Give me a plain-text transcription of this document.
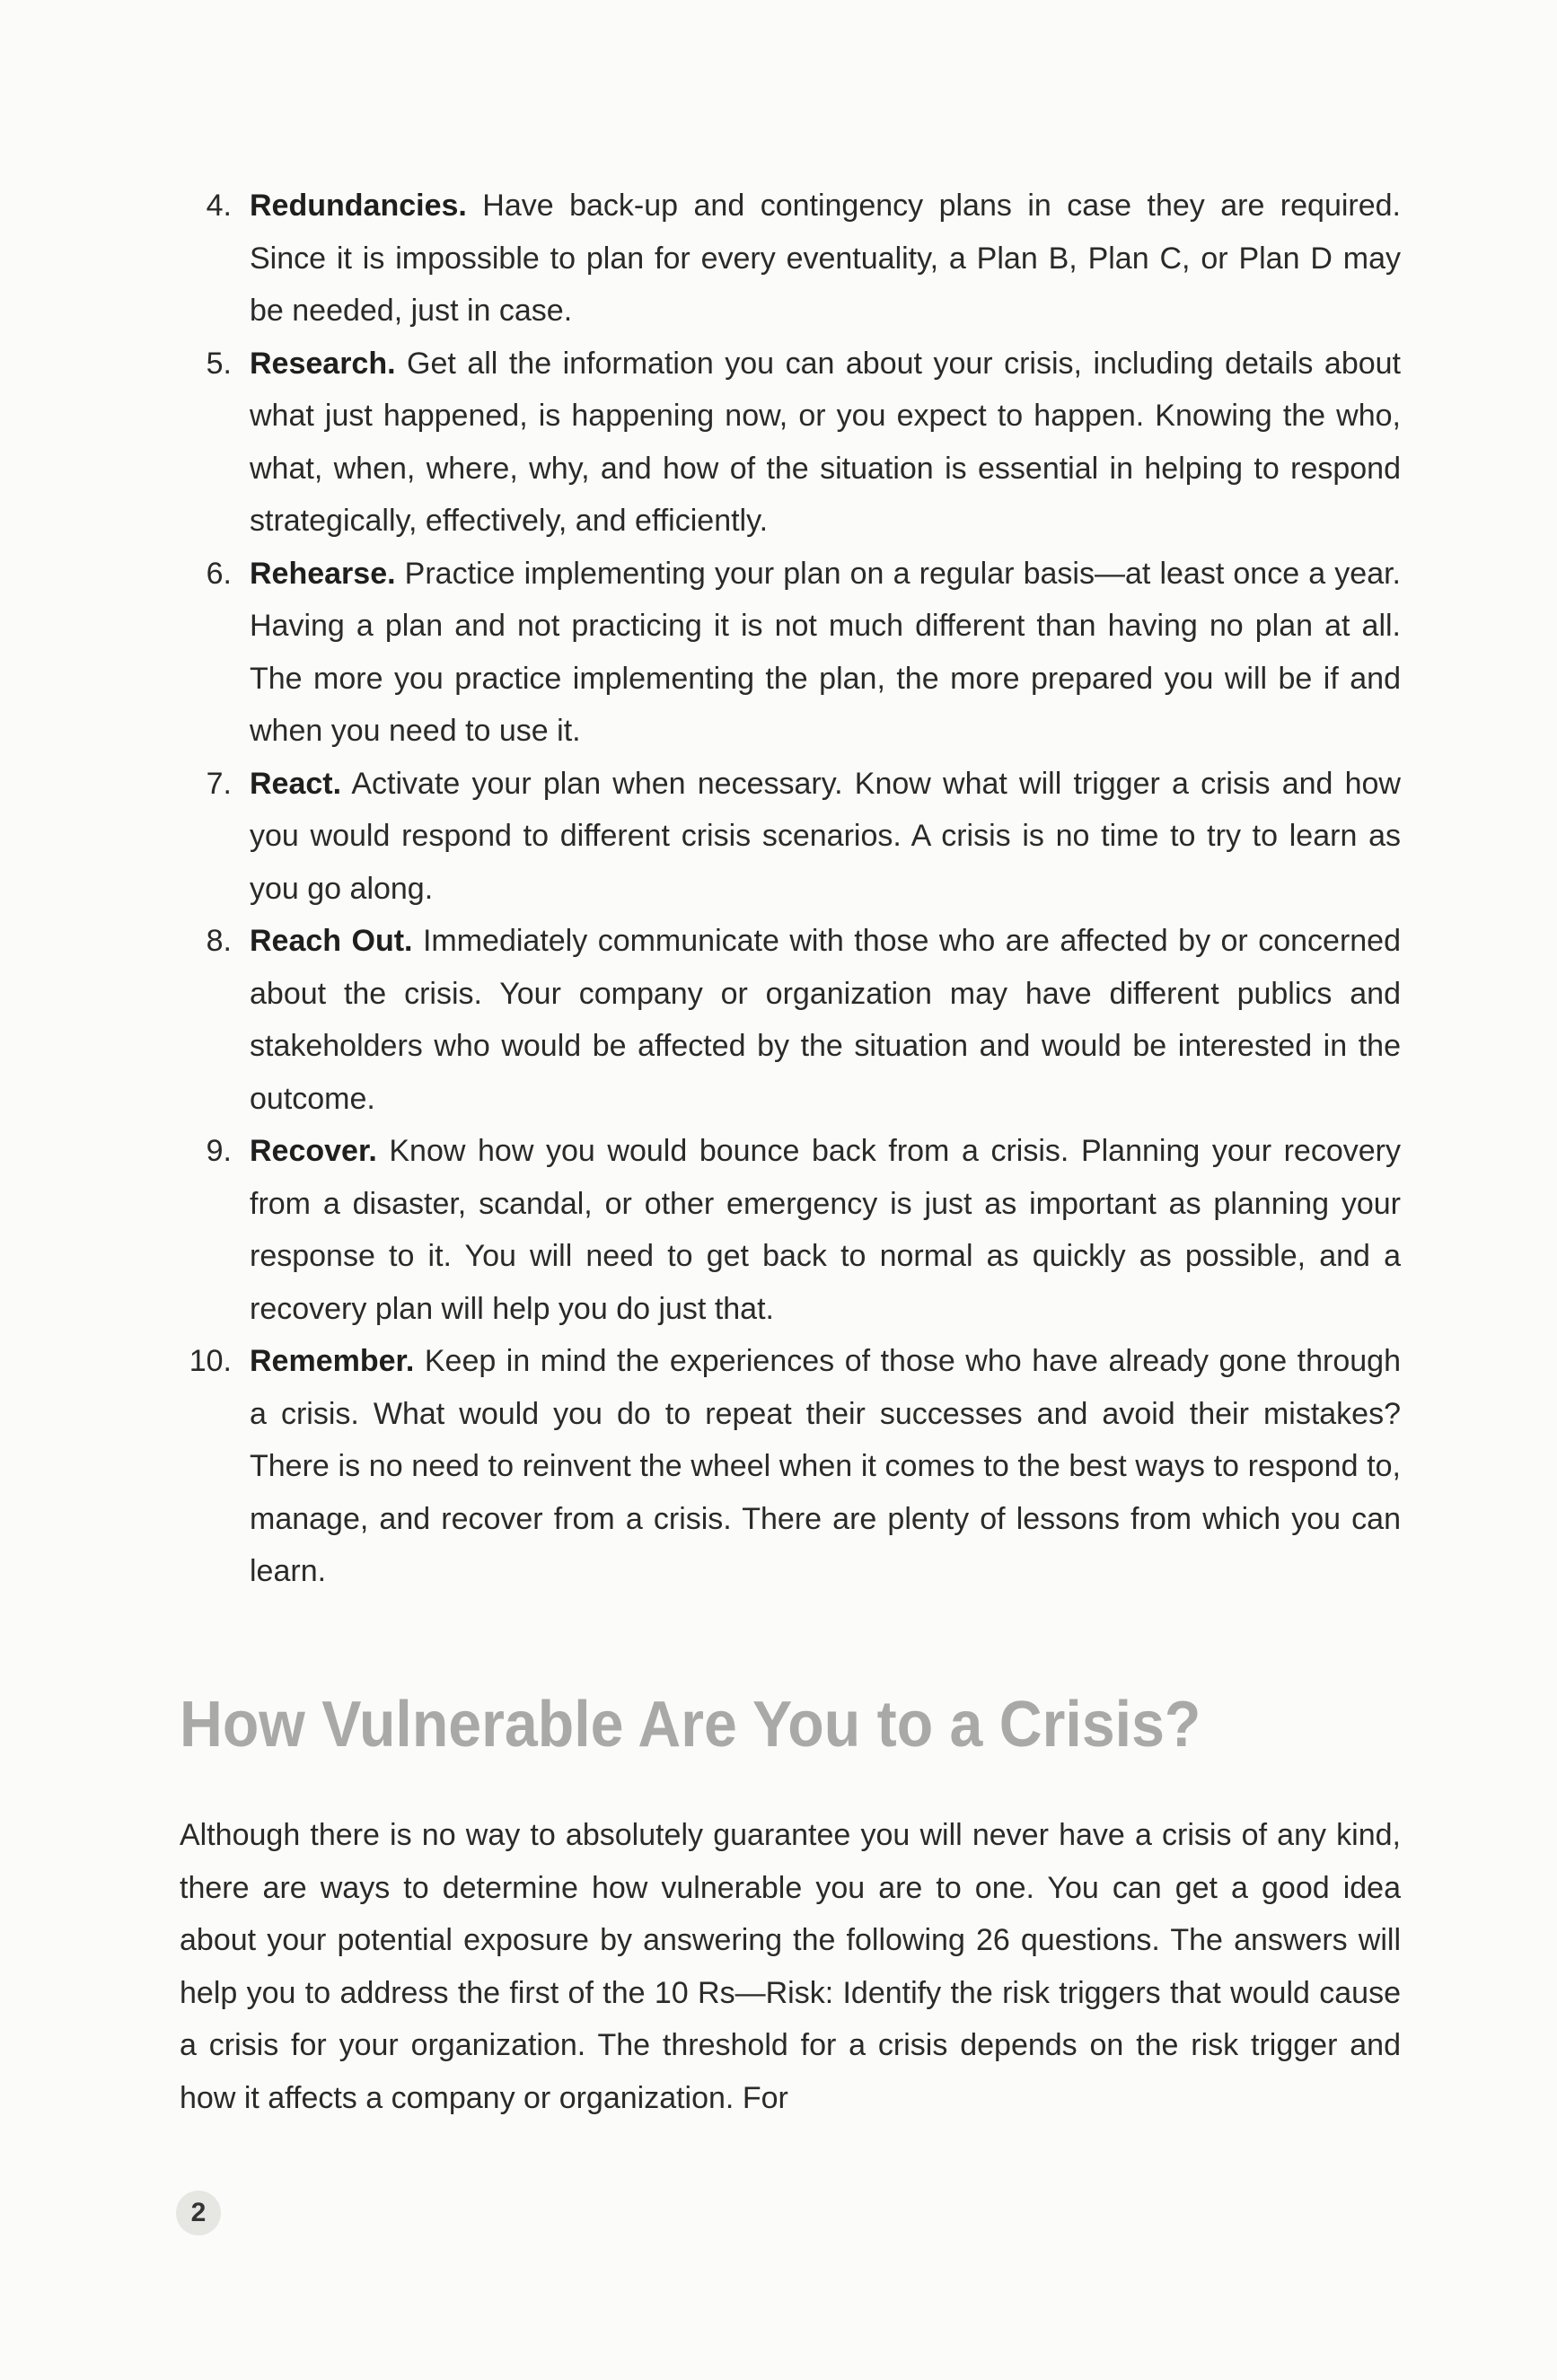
4. Redundancies. Have back-up and contingency plans in case they are required. Since it is impossible to plan for every eventuality, a Plan B, Plan C, or Plan D may be needed, just in case.

5. Research. Get all the information you can about your crisis, including details about what just happened, is happening now, or you expect to happen. Knowing the who, what, when, where, why, and how of the situation is essential in helping to respond strategically, effectively, and efficiently.

6. Rehearse. Practice implementing your plan on a regular basis—at least once a year. Having a plan and not practicing it is not much different than having no plan at all. The more you practice implementing the plan, the more prepared you will be if and when you need to use it.

7. React. Activate your plan when necessary. Know what will trigger a crisis and how you would respond to different crisis scenarios. A crisis is no time to try to learn as you go along.

8. Reach Out. Immediately communicate with those who are affected by or concerned about the crisis. Your company or organization may have different publics and stakeholders who would be affected by the situation and would be interested in the outcome.

9. Recover. Know how you would bounce back from a crisis. Planning your recovery from a disaster, scandal, or other emergency is just as important as planning your response to it. You will need to get back to normal as quickly as possible, and a recovery plan will help you do just that.

10. Remember. Keep in mind the experiences of those who have already gone through a crisis. What would you do to repeat their successes and avoid their mistakes? There is no need to reinvent the wheel when it comes to the best ways to respond to, manage, and recover from a crisis. There are plenty of lessons from which you can learn.

How Vulnerable Are You to a Crisis?

Although there is no way to absolutely guarantee you will never have a crisis of any kind, there are ways to determine how vulnerable you are to one. You can get a good idea about your potential exposure by answering the following 26 questions. The answers will help you to address the first of the 10 Rs—Risk: Identify the risk triggers that would cause a crisis for your organization. The threshold for a crisis depends on the risk trigger and how it affects a company or organization. For

2
